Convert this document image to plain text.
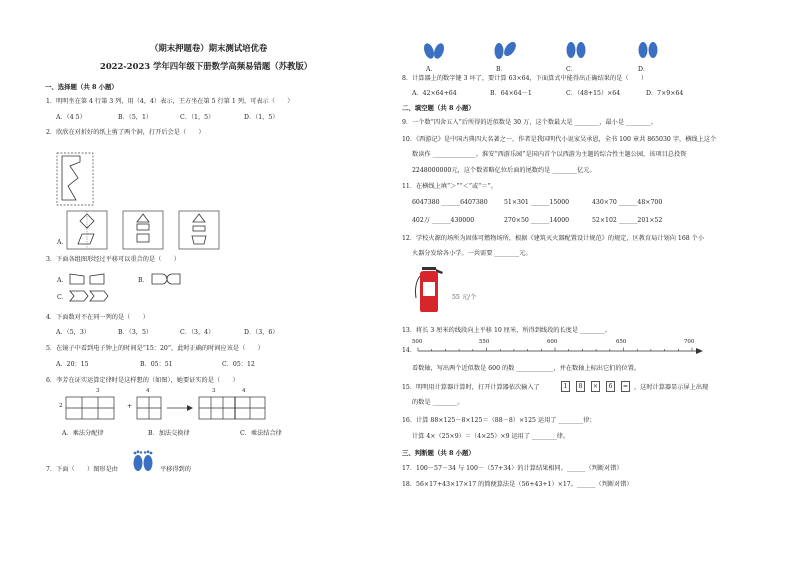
（期末押题卷）期末测试培优卷
2022-2023 学年四年级下册数学高频易错题（苏教版）
一、选择题（共 8 小题）
1．明明坐在第 4 行第 3 列，用（4，4）表示，王方坐在第 5 行第 1 列，可表示（　　）
A．（4 5）	B．（5，1）	C．（1，5）	D．（1，5）
2．欣欣在对折好的纸上剪了两个洞，打开后会是（　　）
A．
3．下面各组图形经过平移可以重合的是（　　）
A．	B．
C．
4．下面数对不在同一列的是（　　）
A．（5，3）	B．（3，5）	C．（3，4）	D．（3，6）
5．在镜子中看到电子钟上的时间是“15：20”，此时正确的时间应该是（　　）
A．20：15	B．05：51	C．05：12
6．李芳在证实运算定律时是这样想的（如图），她要证实的是（　　）
3
2	+
4	3	4
A．乘法分配律	B．加法交换律	C．乘法结合律
7．下面（　　）图形是由	平移得到的
A．	B．	C．	D．
8．计算器上的数字键 3 坏了，要计算 63×64，下面算式中能得出正确结果的是（　　）
A．42×64+64	B．64×64－1	C．（48+15）×64	D．7×9×64
二、填空题（共 8 小题）
9．一个数“四舍五入”后所得的近似数是 30 万，这个数最大是 ________，最小是 ________。
10．《西游记》是中国古典四大名著之一，作者是我国明代小说家吴承恩，全书 100 章共 865030 字，横线上这个
数读作 ______________。淮安“西游乐园”是国内首个以西游为主题的综合性主题公园，该项目总投资
2248000000元，这个数省略亿位后面的尾数约是 ________亿元。
11．在横线上填“＞”“＜”或“＝”。
6047380 ______6407380	51×301 ______15000	430×70 ______48×700
402万 ______430000	270×50 ______14000	52×102 ______201×52
12．学校火源的场所为固体可燃物场所，根据《建筑灭火器配置设计规范》的规定，区教育局计划向 168 个小
火器分发给各小学。一共需要 ________元。
55 元/个
13．将长 3 厘米的线段向上平移 10 厘米，所得到线段的长度是 ________。
14．
500	550	600	650	700
看数轴，写出两个近似数是 600 的数 ____________，并在数轴上标出它们的位置。
15．明明用计算器计算时，打开计算器依次输入了	1	8	×	6	= ，这时计算器显示屏上出现
的数是 ________。
16．计算 88×125－8×125＝（88－8）×125 运用了 ________律；
计算 4×（25×9）＝（4×25）×9 运用了 ________律。
三、判断题（共 8 小题）
17．100－57－34 与 100－（57+34）的计算结果相同。______（判断对错）
18．56×17+43×17×17 的简便算法是（56+43+1）×17。______（判断对错）
